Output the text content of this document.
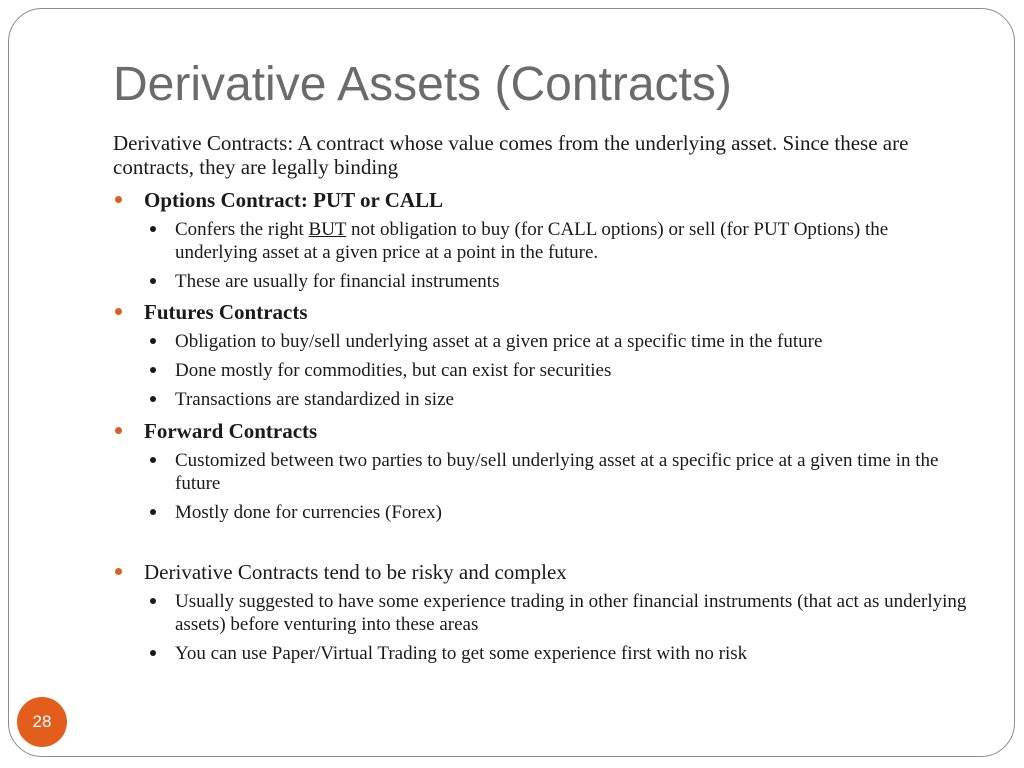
Derivative Assets (Contracts)

Derivative Contracts: A contract whose value comes from the underlying asset. Since these are contracts, they are legally binding

Options Contract: PUT or CALL
Confers the right BUT not obligation to buy (for CALL options) or sell (for PUT Options) the underlying asset at a given price at a point in the future.
These are usually for financial instruments
Futures Contracts
Obligation to buy/sell underlying asset at a given price at a specific time in the future
Done mostly for commodities, but can exist for securities
Transactions are standardized in size
Forward Contracts
Customized between two parties to buy/sell underlying asset at a specific price at a given time in the future
Mostly done for currencies (Forex)
Derivative Contracts tend to be risky and complex
Usually suggested to have some experience trading in other financial instruments (that act as underlying assets) before venturing into these areas
You can use Paper/Virtual Trading to get some experience first with no risk
28
